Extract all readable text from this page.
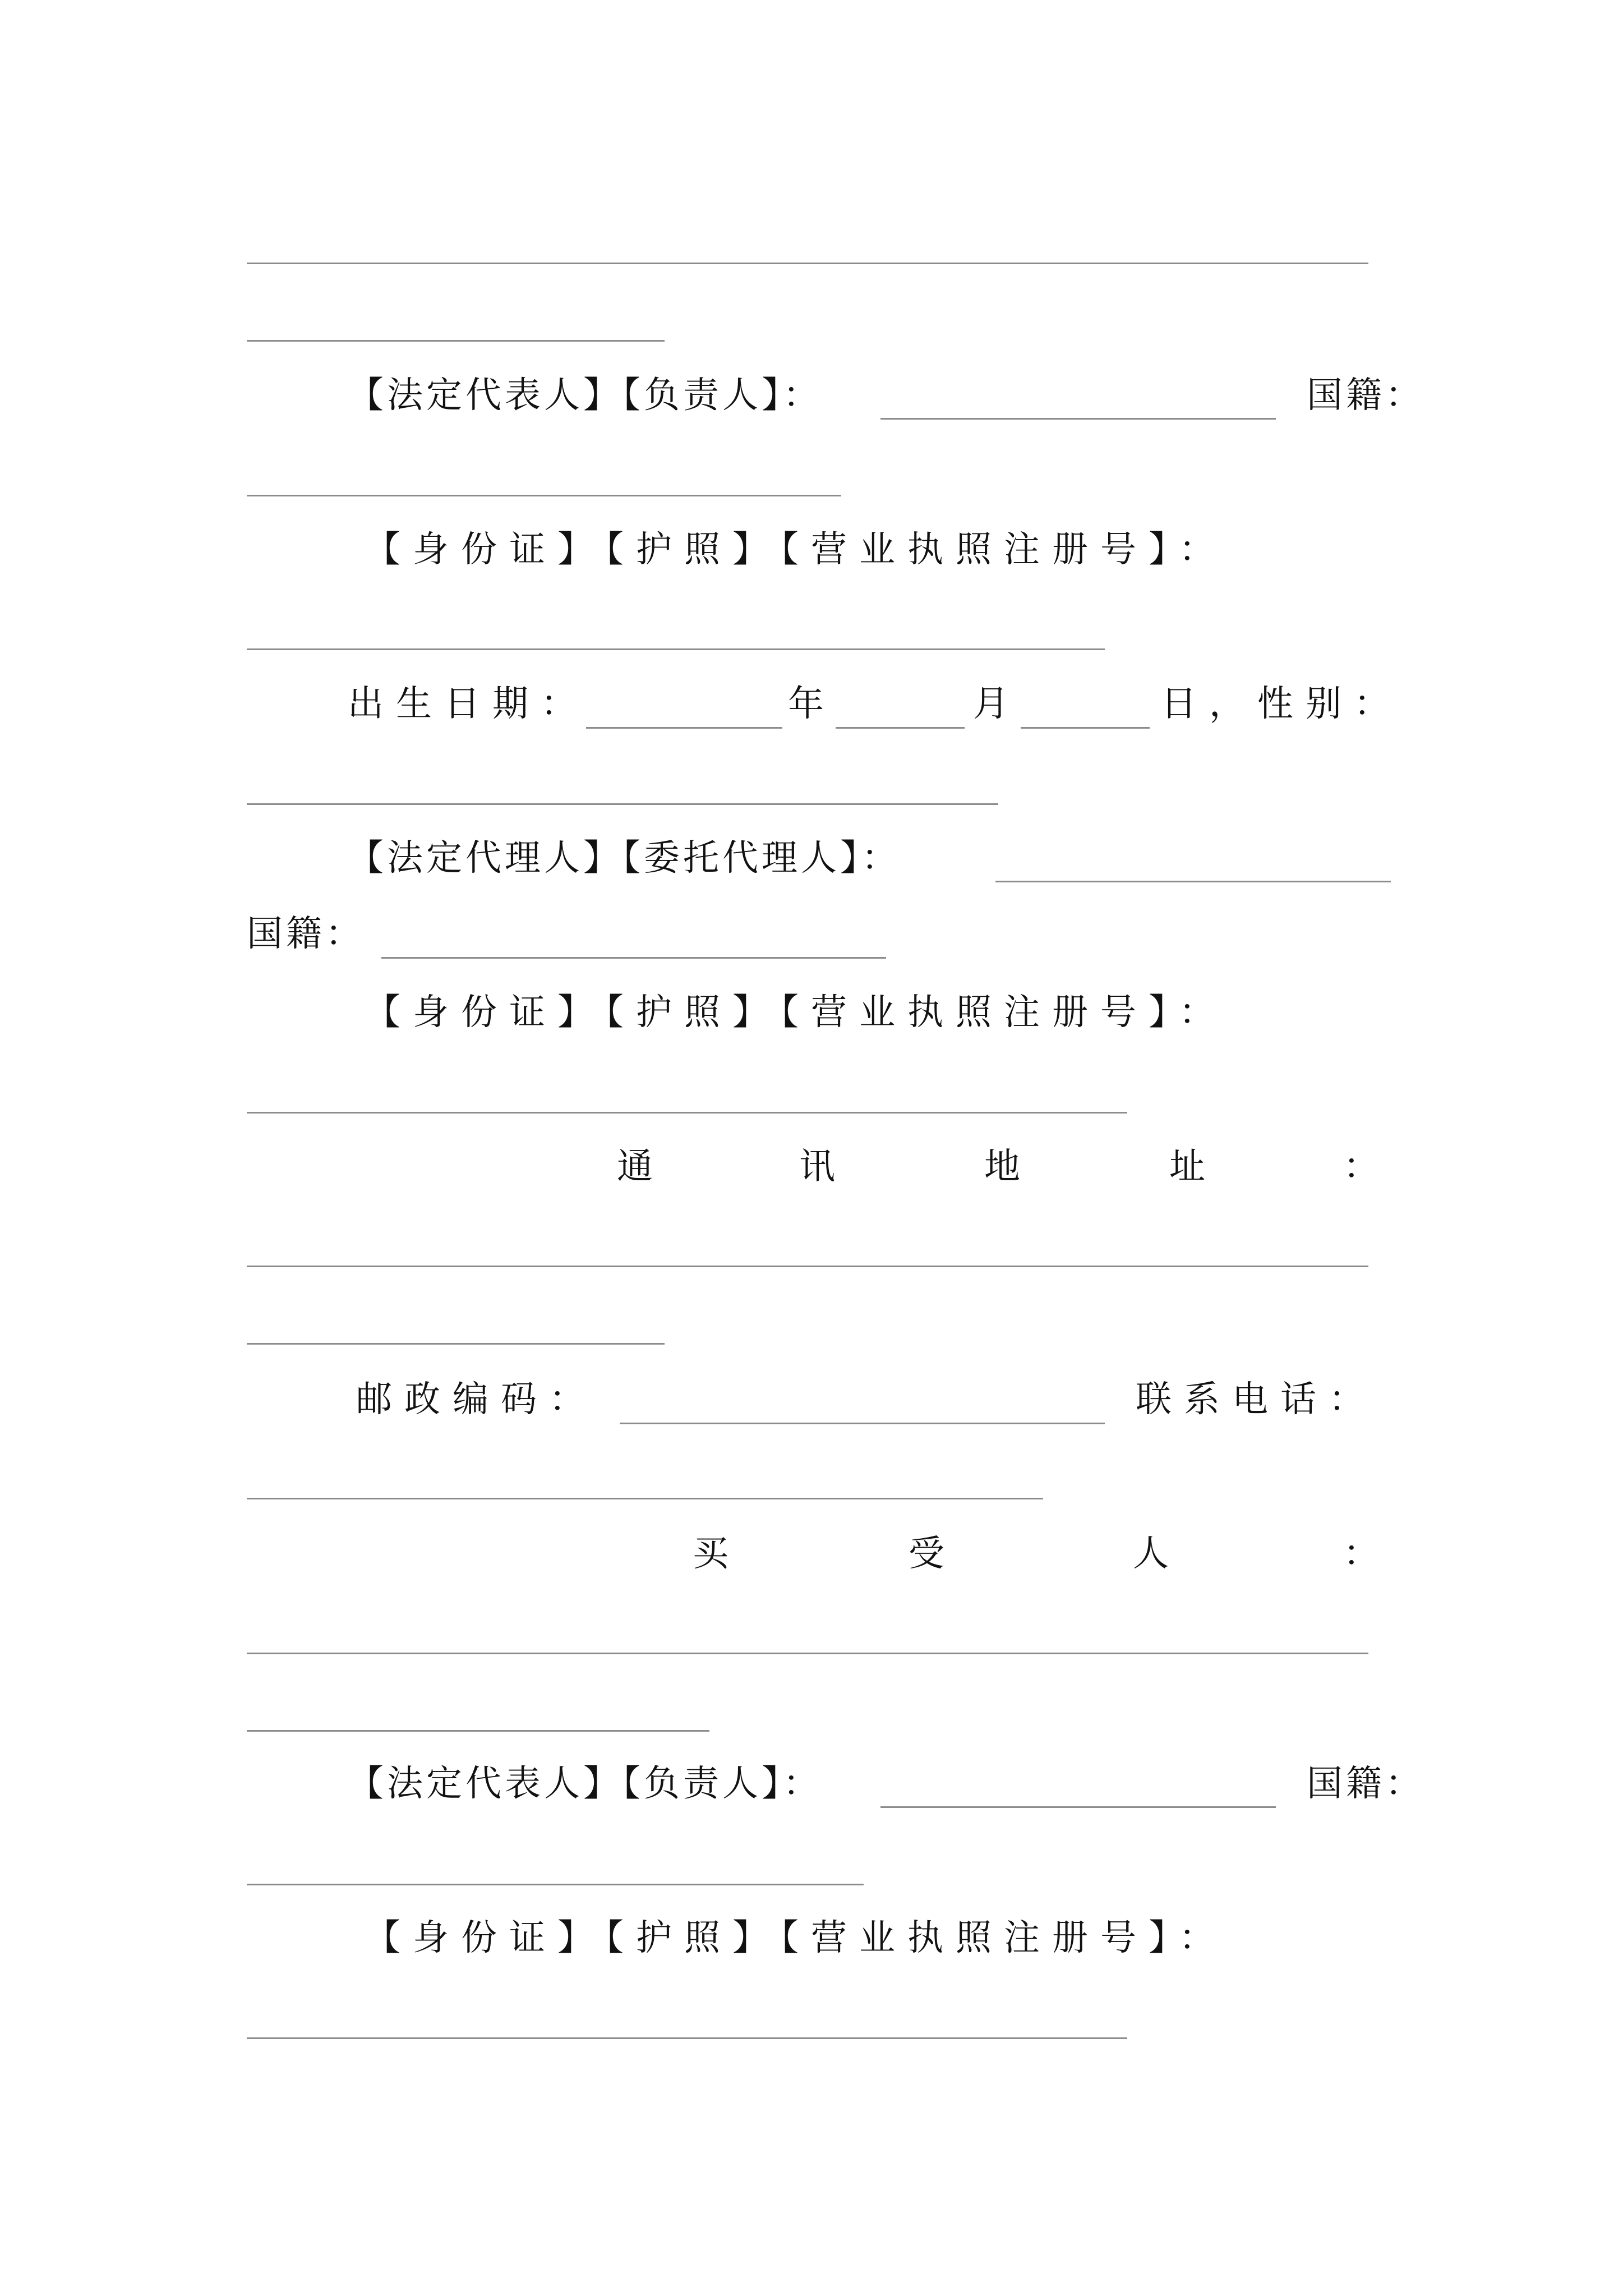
【法定代表人】【负责人】：	国籍：
【身份证】【护照】【营业执照注册号】：
出生日期：	年	月	日，性别：
【法定代理人】【委托代理人】：
国籍：
【身份证】【护照】【营业执照注册号】：
通	讯	地	址	：
邮政编码：	联系电话：
买	受	人	：
【法定代表人】【负责人】：	国籍：
【身份证】【护照】【营业执照注册号】：
